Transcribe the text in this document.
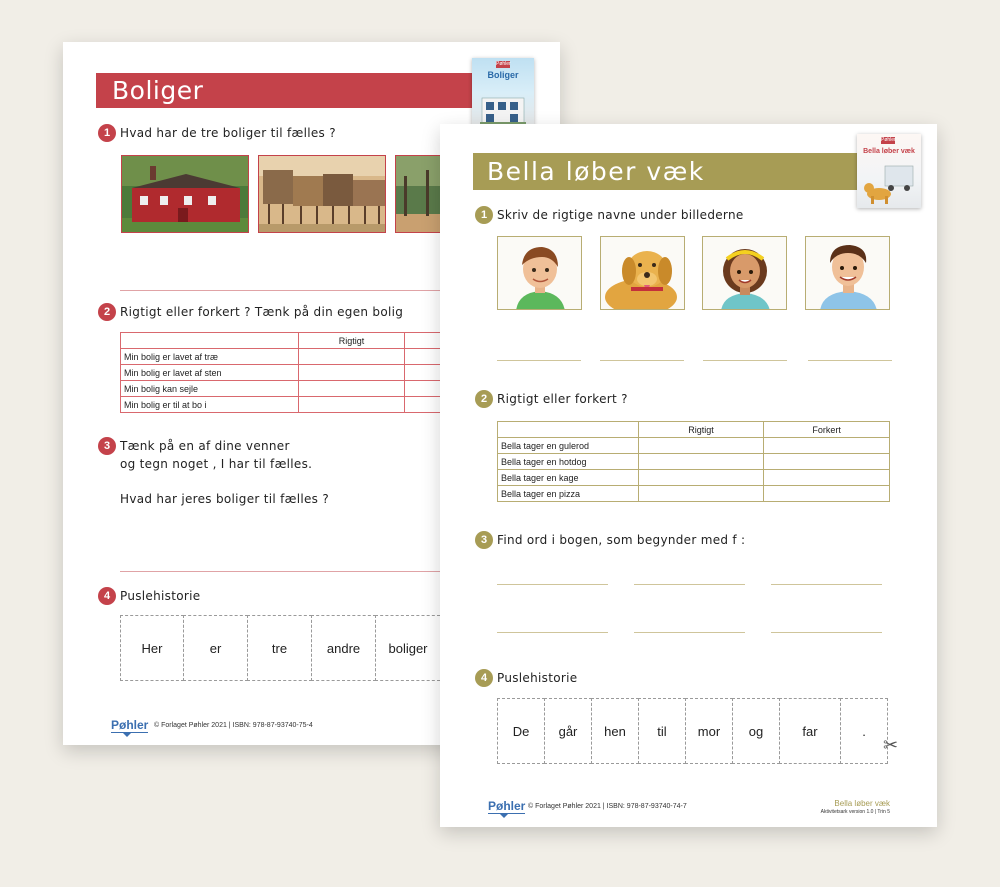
Boliger
Pøhler
Boliger
1 Hvad har de tre boliger til fælles ?
2 Rigtigt eller forkert ? Tænk på din egen bolig
	Rigtigt	
Min bolig er lavet af træ		
Min bolig er lavet af sten		
Min bolig kan sejle		
Min bolig er til at bo i		
3 Tænk på en af dine venner
og tegn noget , I har til fælles.
Hvad har jeres boliger til fælles ?
4 Puslehistorie
Her	er	tre	andre	boliger
Pøhler © Forlaget Pøhler 2021 | ISBN: 978-87-93740-75-4
Bella løber væk
Pøhler
Bella løber væk
1 Skriv de rigtige navne under billederne
2 Rigtigt eller forkert ?
	Rigtigt	Forkert
Bella tager en gulerod		
Bella tager en hotdog		
Bella tager en kage		
Bella tager en pizza		
3 Find ord i bogen, som begynder med f :
4 Puslehistorie
De	går	hen	til	mor	og	far	.
✂
Pøhler © Forlaget Pøhler 2021 | ISBN: 978-87-93740-74-7	Bella løber væk
Aktivitetsark version 1.0 | Trin 5
